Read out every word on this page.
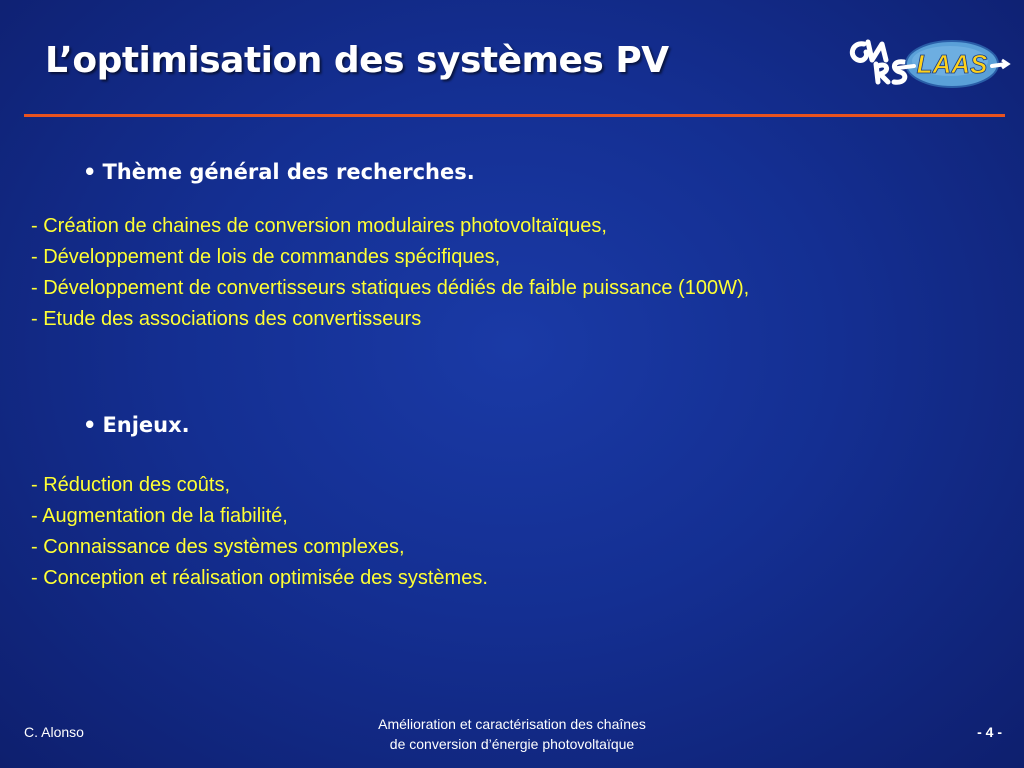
L’optimisation des systèmes PV	LAAS
• Thème général des recherches.
- Création de chaines de conversion modulaires photovoltaïques,
- Développement de lois de commandes spécifiques,
- Développement de convertisseurs statiques dédiés de faible puissance (100W),
- Etude des associations des convertisseurs
• Enjeux.
- Réduction des coûts,
- Augmentation de la fiabilité,
- Connaissance des systèmes complexes,
- Conception et réalisation optimisée des systèmes.
C. Alonso	Amélioration et caractérisation des chaînes
de conversion d’énergie photovoltaïque
- 4 -
